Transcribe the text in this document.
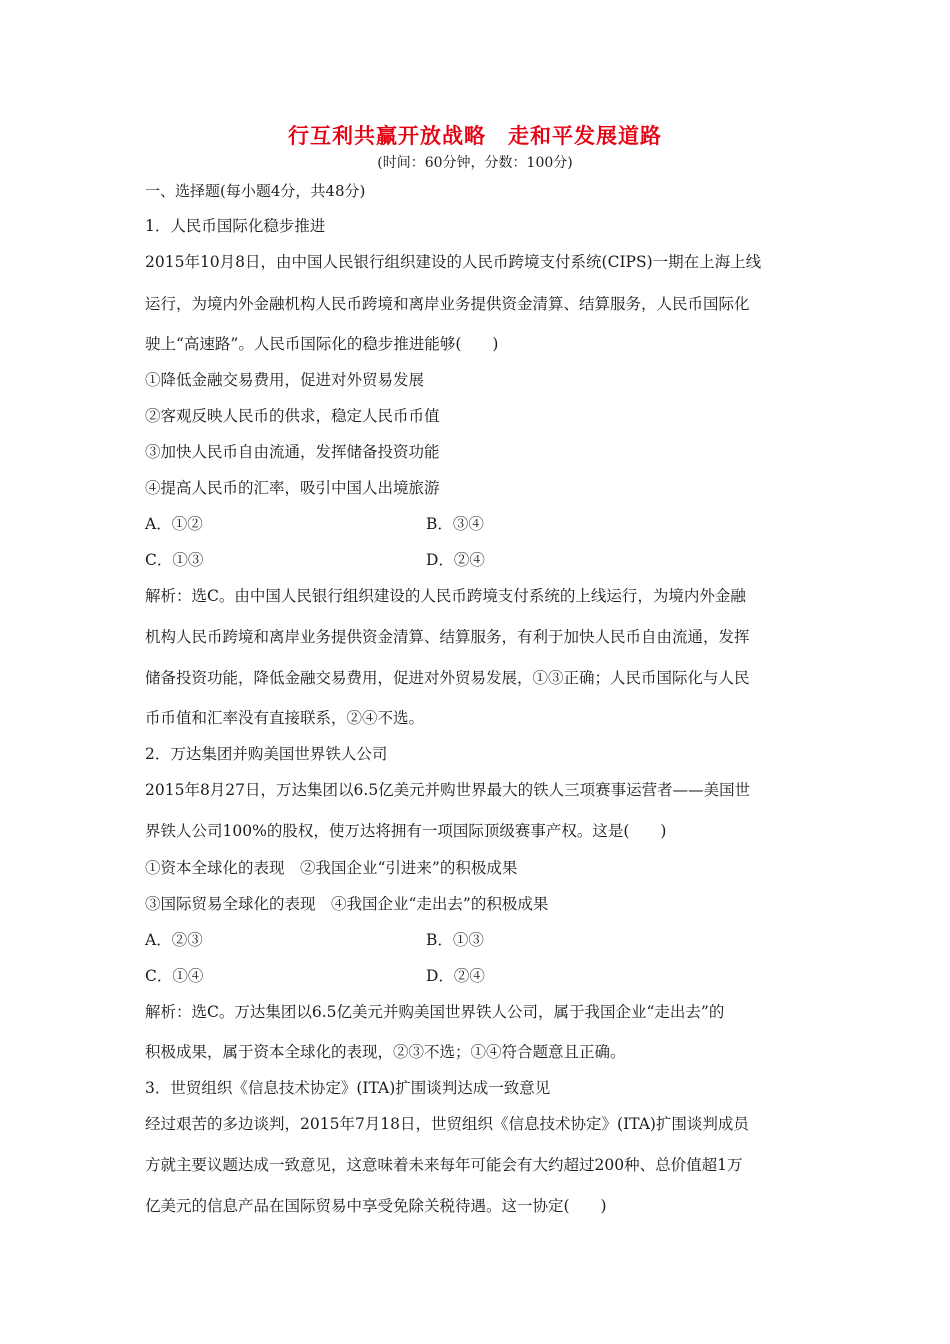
行互利共赢开放战略　走和平发展道路
(时间：60分钟，分数：100分)
一、选择题(每小题4分，共48分)
1．人民币国际化稳步推进
2015年10月8日，由中国人民银行组织建设的人民币跨境支付系统(CIPS)一期在上海上线
运行，为境内外金融机构人民币跨境和离岸业务提供资金清算、结算服务，人民币国际化
驶上“高速路”。人民币国际化的稳步推进能够(　　)
①降低金融交易费用，促进对外贸易发展
②客观反映人民币的供求，稳定人民币币值
③加快人民币自由流通，发挥储备投资功能
④提高人民币的汇率，吸引中国人出境旅游
A．①②	B．③④
C．①③	D．②④
解析：选C。由中国人民银行组织建设的人民币跨境支付系统的上线运行，为境内外金融
机构人民币跨境和离岸业务提供资金清算、结算服务，有利于加快人民币自由流通，发挥
储备投资功能，降低金融交易费用，促进对外贸易发展，①③正确；人民币国际化与人民
币币值和汇率没有直接联系，②④不选。
2．万达集团并购美国世界铁人公司
2015年8月27日，万达集团以6.5亿美元并购世界最大的铁人三项赛事运营者——美国世
界铁人公司100%的股权，使万达将拥有一项国际顶级赛事产权。这是(　　)
①资本全球化的表现　②我国企业“引进来”的积极成果
③国际贸易全球化的表现　④我国企业“走出去”的积极成果
A．②③	B．①③
C．①④	D．②④
解析：选C。万达集团以6.5亿美元并购美国世界铁人公司，属于我国企业“走出去”的
积极成果，属于资本全球化的表现，②③不选；①④符合题意且正确。
3．世贸组织《信息技术协定》(ITA)扩围谈判达成一致意见
经过艰苦的多边谈判，2015年7月18日，世贸组织《信息技术协定》(ITA)扩围谈判成员
方就主要议题达成一致意见，这意味着未来每年可能会有大约超过200种、总价值超1万
亿美元的信息产品在国际贸易中享受免除关税待遇。这一协定(　　)
